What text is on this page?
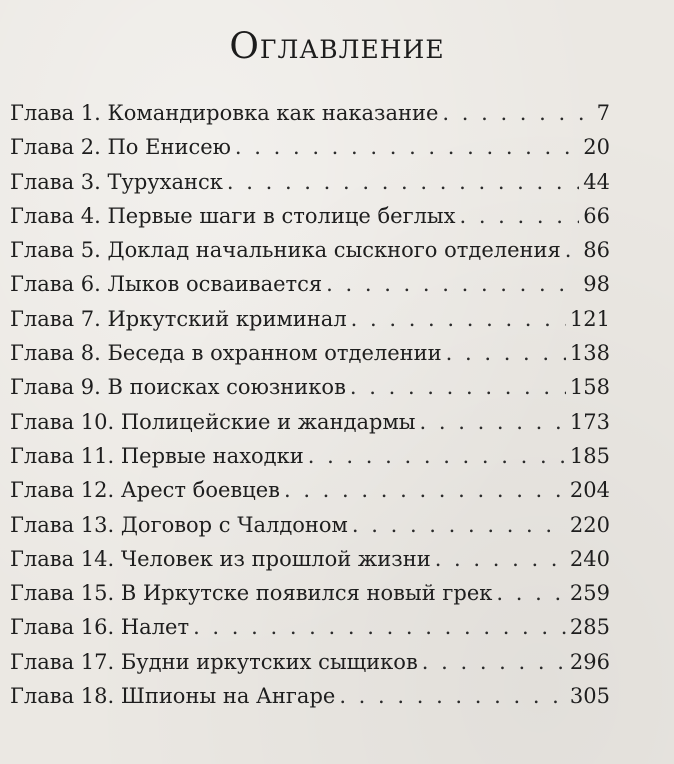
Оглавление
Глава 1. Командировка как наказание . . .	7
Глава 2. По Енисею . . .	20
Глава 3. Туруханск . . .	44
Глава 4. Первые шаги в столице беглых . . .	66
Глава 5. Доклад начальника сыскного отделения . . . 86
Глава 6. Лыков осваивается . . .	98
Глава 7. Иркутский криминал . . .	121
Глава 8. Беседа в охранном отделении . . .	138
Глава 9. В поисках союзников . . .	158
Глава 10. Полицейские и жандармы . . .	173
Глава 11. Первые находки . . .	185
Глава 12. Арест боевцев . . .	204
Глава 13. Договор с Чалдоном . . .	220
Глава 14. Человек из прошлой жизни . . .	240
Глава 15. В Иркутске появился новый грек . . .	259
Глава 16. Налет . . .	285
Глава 17. Будни иркутских сыщиков . . .	296
Глава 18. Шпионы на Ангаре . . .	305
